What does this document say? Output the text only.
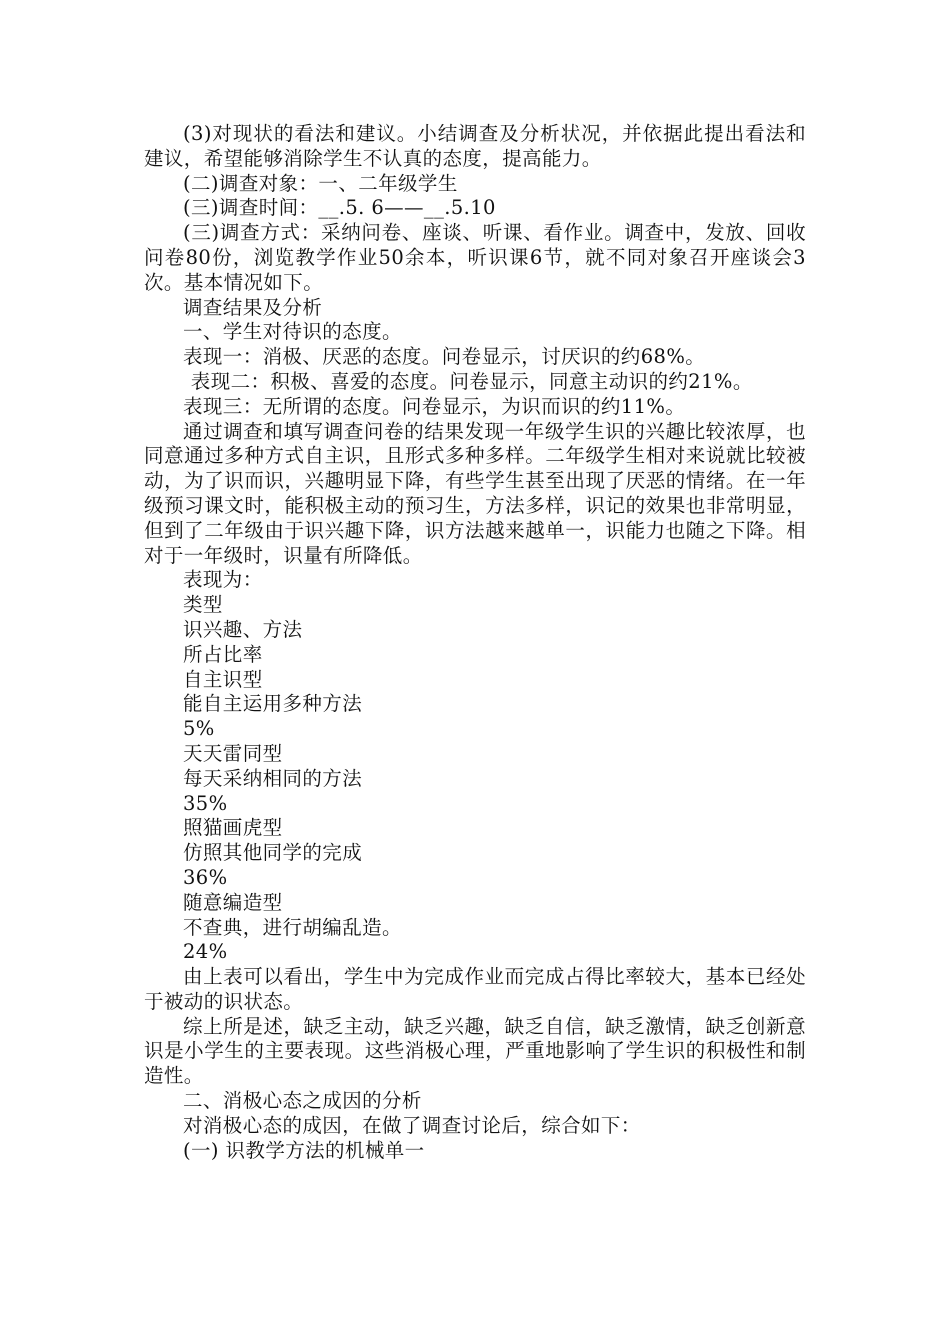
(3)对现状的看法和建议。小结调查及分析状况，并依据此提出看法和建议，希望能够消除学生不认真的态度，提高能力。

(二)调查对象：一、二年级学生

(三)调查时间：__.5. 6——__.5.10

(三)调查方式：采纳问卷、座谈、听课、看作业。调查中，发放、回收问卷80份，浏览教学作业50余本，听识课6节，就不同对象召开座谈会3次。基本情况如下。

调查结果及分析

一、学生对待识的态度。

表现一：消极、厌恶的态度。问卷显示，讨厌识的约68%。

表现二：积极、喜爱的态度。问卷显示，同意主动识的约21%。

表现三：无所谓的态度。问卷显示，为识而识的约11%。

通过调查和填写调查问卷的结果发现一年级学生识的兴趣比较浓厚，也同意通过多种方式自主识，且形式多种多样。二年级学生相对来说就比较被动，为了识而识，兴趣明显下降，有些学生甚至出现了厌恶的情绪。在一年级预习课文时，能积极主动的预习生，方法多样，识记的效果也非常明显，但到了二年级由于识兴趣下降，识方法越来越单一，识能力也随之下降。相对于一年级时，识量有所降低。

表现为：

类型

识兴趣、方法

所占比率

自主识型

能自主运用多种方法

5%

天天雷同型

每天采纳相同的方法

35%

照猫画虎型

仿照其他同学的完成

36%

随意编造型

不查典，进行胡编乱造。

24%

由上表可以看出，学生中为完成作业而完成占得比率较大，基本已经处于被动的识状态。

综上所是述，缺乏主动，缺乏兴趣，缺乏自信，缺乏激情，缺乏创新意识是小学生的主要表现。这些消极心理，严重地影响了学生识的积极性和制造性。

二、消极心态之成因的分析

对消极心态的成因，在做了调查讨论后，综合如下：

(一) 识教学方法的机械单一
